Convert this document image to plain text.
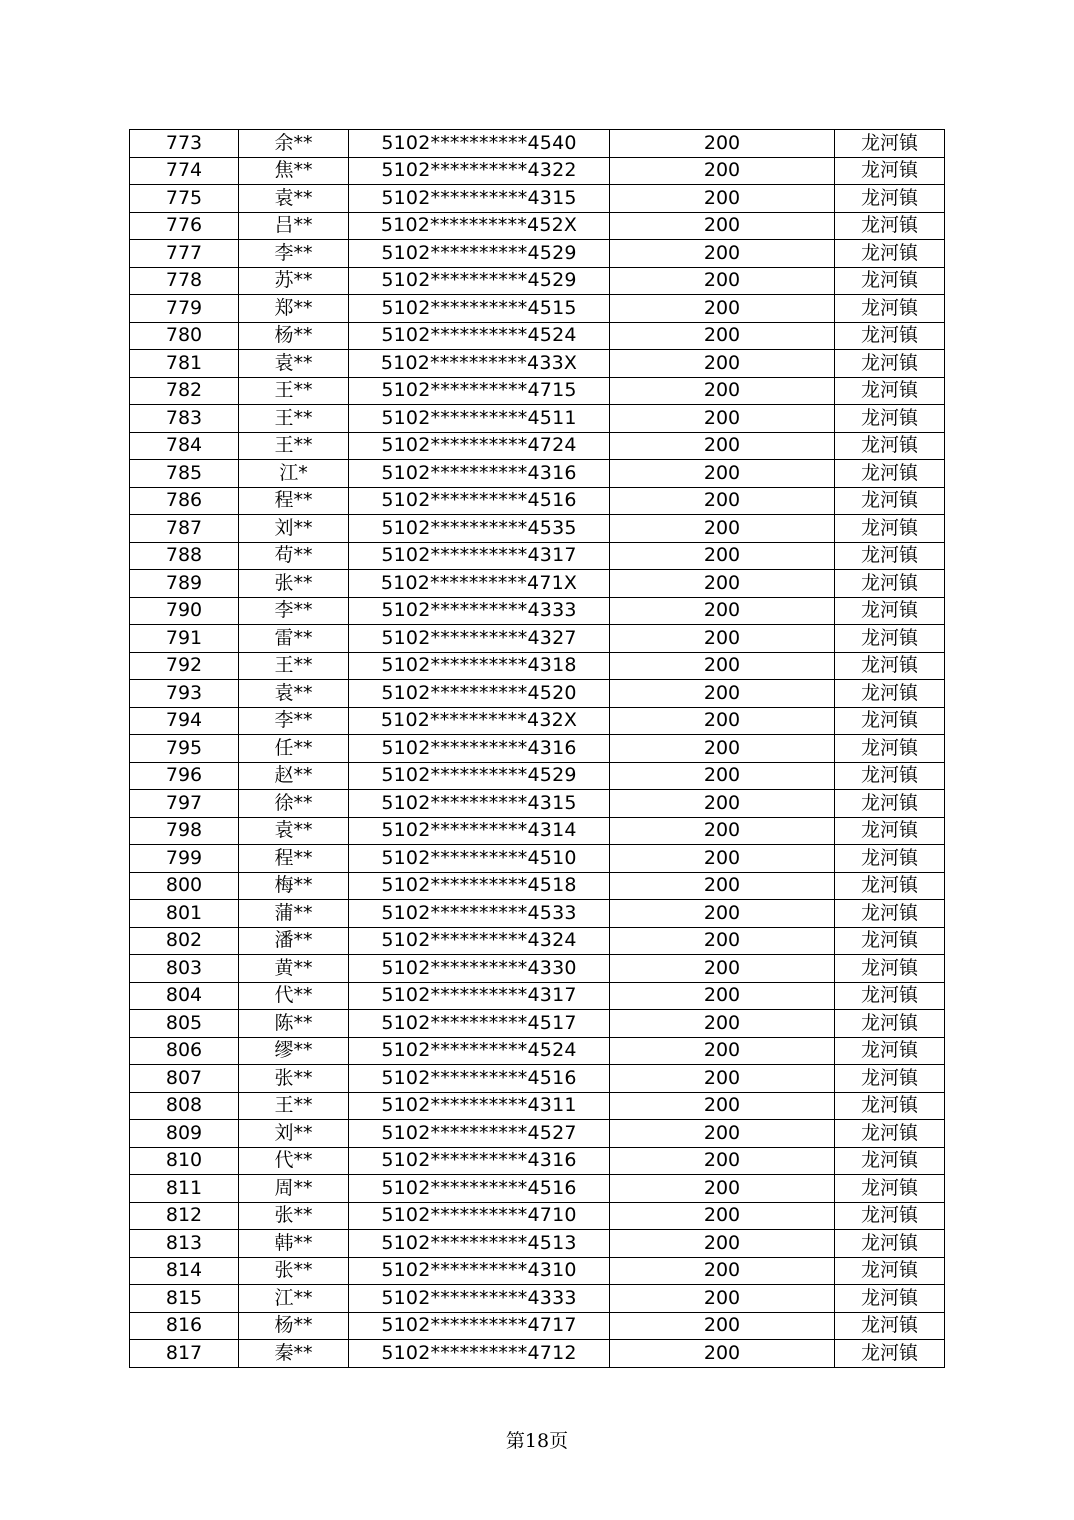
773	余**	5102**********4540	200	龙河镇
774	焦**	5102**********4322	200	龙河镇
775	袁**	5102**********4315	200	龙河镇
776	吕**	5102**********452X	200	龙河镇
777	李**	5102**********4529	200	龙河镇
778	苏**	5102**********4529	200	龙河镇
779	郑**	5102**********4515	200	龙河镇
780	杨**	5102**********4524	200	龙河镇
781	袁**	5102**********433X	200	龙河镇
782	王**	5102**********4715	200	龙河镇
783	王**	5102**********4511	200	龙河镇
784	王**	5102**********4724	200	龙河镇
785	江*	5102**********4316	200	龙河镇
786	程**	5102**********4516	200	龙河镇
787	刘**	5102**********4535	200	龙河镇
788	苟**	5102**********4317	200	龙河镇
789	张**	5102**********471X	200	龙河镇
790	李**	5102**********4333	200	龙河镇
791	雷**	5102**********4327	200	龙河镇
792	王**	5102**********4318	200	龙河镇
793	袁**	5102**********4520	200	龙河镇
794	李**	5102**********432X	200	龙河镇
795	任**	5102**********4316	200	龙河镇
796	赵**	5102**********4529	200	龙河镇
797	徐**	5102**********4315	200	龙河镇
798	袁**	5102**********4314	200	龙河镇
799	程**	5102**********4510	200	龙河镇
800	梅**	5102**********4518	200	龙河镇
801	蒲**	5102**********4533	200	龙河镇
802	潘**	5102**********4324	200	龙河镇
803	黄**	5102**********4330	200	龙河镇
804	代**	5102**********4317	200	龙河镇
805	陈**	5102**********4517	200	龙河镇
806	缪**	5102**********4524	200	龙河镇
807	张**	5102**********4516	200	龙河镇
808	王**	5102**********4311	200	龙河镇
809	刘**	5102**********4527	200	龙河镇
810	代**	5102**********4316	200	龙河镇
811	周**	5102**********4516	200	龙河镇
812	张**	5102**********4710	200	龙河镇
813	韩**	5102**********4513	200	龙河镇
814	张**	5102**********4310	200	龙河镇
815	江**	5102**********4333	200	龙河镇
816	杨**	5102**********4717	200	龙河镇
817	秦**	5102**********4712	200	龙河镇
第18页
